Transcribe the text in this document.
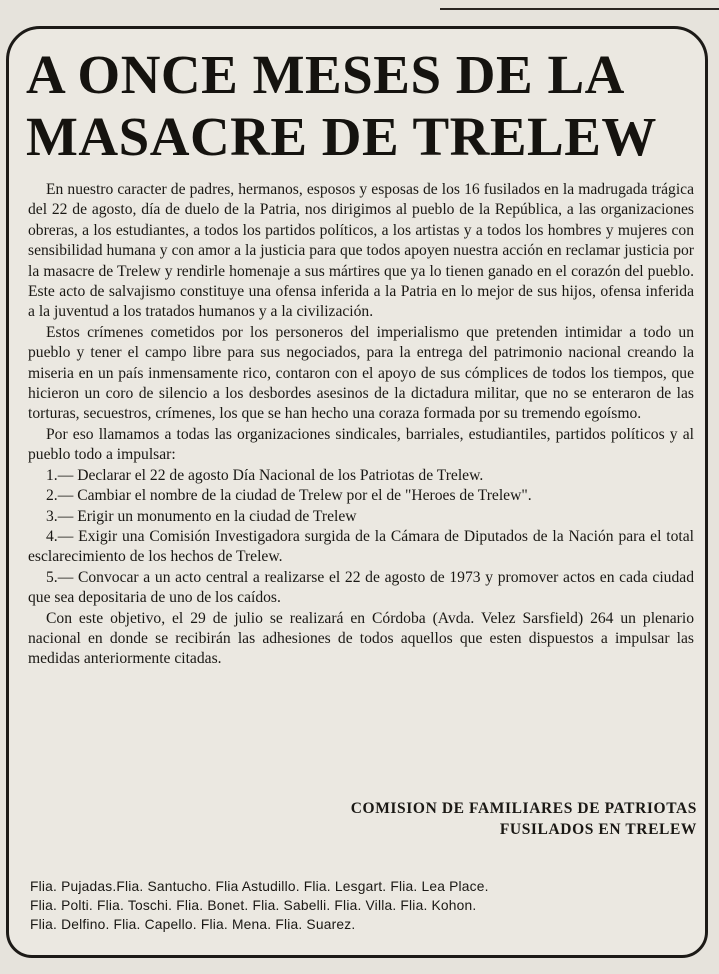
A ONCE MESES DE LA
MASACRE DE TRELEW

En nuestro caracter de padres, hermanos, esposos y esposas de los 16 fusilados en la madrugada trágica del 22 de agosto, día de duelo de la Patria, nos dirigimos al pueblo de la República, a las organizaciones obreras, a los estudiantes, a todos los partidos políticos, a los artistas y a todos los hombres y mujeres con sensibilidad humana y con amor a la justicia para que todos apoyen nuestra acción en reclamar justicia por la masacre de Trelew y rendirle homenaje a sus mártires que ya lo tienen ganado en el corazón del pueblo. Este acto de salvajismo constituye una ofensa inferida a la Patria en lo mejor de sus hijos, ofensa inferida a la juventud a los tratados humanos y a la civilización.

Estos crímenes cometidos por los personeros del imperialismo que pretenden intimidar a todo un pueblo y tener el campo libre para sus negociados, para la entrega del patrimonio nacional creando la miseria en un país inmensamente rico, contaron con el apoyo de sus cómplices de todos los tiempos, que hicieron un coro de silencio a los desbordes asesinos de la dictadura militar, que no se enteraron de las torturas, secuestros, crímenes, los que se han hecho una coraza formada por su tremendo egoísmo.

Por eso llamamos a todas las organizaciones sindicales, barriales, estudiantiles, partidos políticos y al pueblo todo a impulsar:

1.— Declarar el 22 de agosto Día Nacional de los Patriotas de Trelew.

2.— Cambiar el nombre de la ciudad de Trelew por el de "Heroes de Trelew".

3.— Erigir un monumento en la ciudad de Trelew

4.— Exigir una Comisión Investigadora surgida de la Cámara de Diputados de la Nación para el total esclarecimiento de los hechos de Trelew.

5.— Convocar a un acto central a realizarse el 22 de agosto de 1973 y promover actos en cada ciudad que sea depositaria de uno de los caídos.

Con este objetivo, el 29 de julio se realizará en Córdoba (Avda. Velez Sarsfield) 264 un plenario nacional en donde se recibirán las adhesiones de todos aquellos que esten dispuestos a impulsar las medidas anteriormente citadas.

COMISION DE FAMILIARES DE PATRIOTAS
FUSILADOS EN TRELEW
Flia. Pujadas.Flia. Santucho. Flia Astudillo. Flia. Lesgart. Flia. Lea Place.
Flia. Polti. Flia. Toschi. Flia. Bonet. Flia. Sabelli. Flia. Villa. Flia. Kohon.
Flia. Delfino. Flia. Capello. Flia. Mena. Flia. Suarez.
